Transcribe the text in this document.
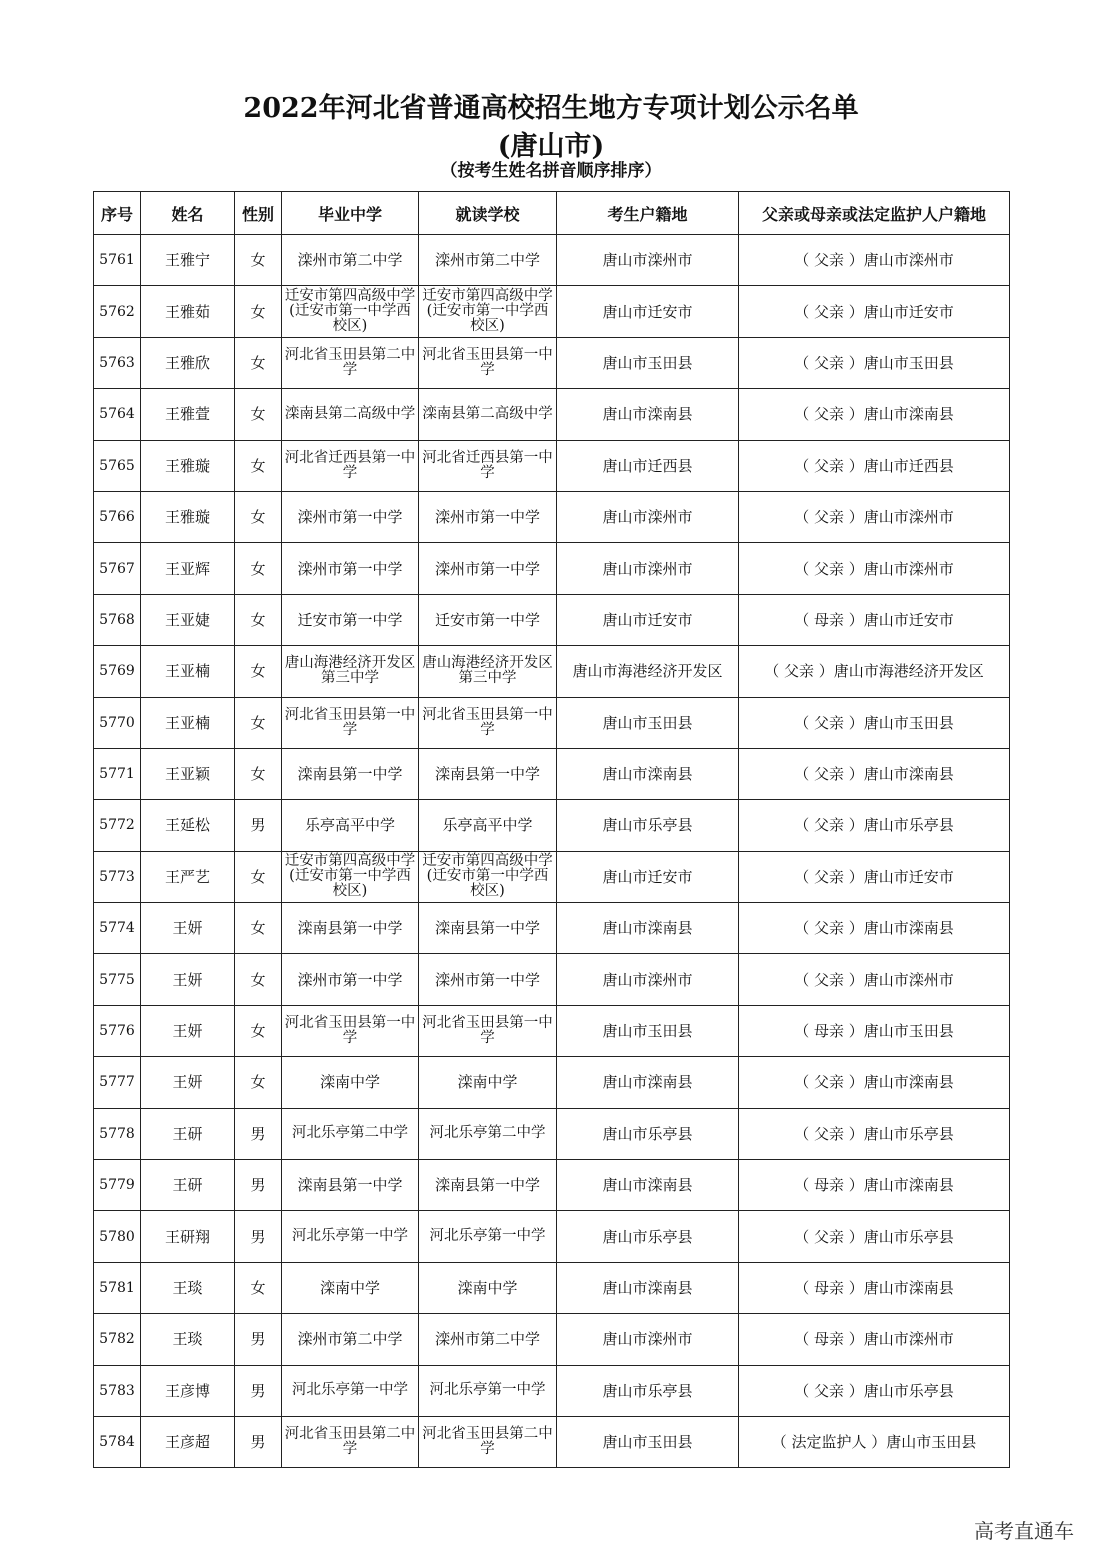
2022年河北省普通高校招生地方专项计划公示名单
(唐山市)
（按考生姓名拼音顺序排序）
序号	姓名	性别	毕业中学	就读学校	考生户籍地	父亲或母亲或法定监护人户籍地
5761	王雅宁	女	滦州市第二中学	滦州市第二中学	唐山市滦州市	（ 父亲 ）唐山市滦州市
5762	王雅茹	女	迁安市第四高级中学(迁安市第一中学西校区)	迁安市第四高级中学(迁安市第一中学西校区)	唐山市迁安市	（ 父亲 ）唐山市迁安市
5763	王雅欣	女	河北省玉田县第二中学	河北省玉田县第一中学	唐山市玉田县	（ 父亲 ）唐山市玉田县
5764	王雅萱	女	滦南县第二高级中学	滦南县第二高级中学	唐山市滦南县	（ 父亲 ）唐山市滦南县
5765	王雅璇	女	河北省迁西县第一中学	河北省迁西县第一中学	唐山市迁西县	（ 父亲 ）唐山市迁西县
5766	王雅璇	女	滦州市第一中学	滦州市第一中学	唐山市滦州市	（ 父亲 ）唐山市滦州市
5767	王亚辉	女	滦州市第一中学	滦州市第一中学	唐山市滦州市	（ 父亲 ）唐山市滦州市
5768	王亚婕	女	迁安市第一中学	迁安市第一中学	唐山市迁安市	（ 母亲 ）唐山市迁安市
5769	王亚楠	女	唐山海港经济开发区第三中学	唐山海港经济开发区第三中学	唐山市海港经济开发区	（ 父亲 ）唐山市海港经济开发区
5770	王亚楠	女	河北省玉田县第一中学	河北省玉田县第一中学	唐山市玉田县	（ 父亲 ）唐山市玉田县
5771	王亚颖	女	滦南县第一中学	滦南县第一中学	唐山市滦南县	（ 父亲 ）唐山市滦南县
5772	王延松	男	乐亭高平中学	乐亭高平中学	唐山市乐亭县	（ 父亲 ）唐山市乐亭县
5773	王严艺	女	迁安市第四高级中学(迁安市第一中学西校区)	迁安市第四高级中学(迁安市第一中学西校区)	唐山市迁安市	（ 父亲 ）唐山市迁安市
5774	王妍	女	滦南县第一中学	滦南县第一中学	唐山市滦南县	（ 父亲 ）唐山市滦南县
5775	王妍	女	滦州市第一中学	滦州市第一中学	唐山市滦州市	（ 父亲 ）唐山市滦州市
5776	王妍	女	河北省玉田县第一中学	河北省玉田县第一中学	唐山市玉田县	（ 母亲 ）唐山市玉田县
5777	王妍	女	滦南中学	滦南中学	唐山市滦南县	（ 父亲 ）唐山市滦南县
5778	王研	男	河北乐亭第二中学	河北乐亭第二中学	唐山市乐亭县	（ 父亲 ）唐山市乐亭县
5779	王研	男	滦南县第一中学	滦南县第一中学	唐山市滦南县	（ 母亲 ）唐山市滦南县
5780	王研翔	男	河北乐亭第一中学	河北乐亭第一中学	唐山市乐亭县	（ 父亲 ）唐山市乐亭县
5781	王琰	女	滦南中学	滦南中学	唐山市滦南县	（ 母亲 ）唐山市滦南县
5782	王琰	男	滦州市第二中学	滦州市第二中学	唐山市滦州市	（ 母亲 ）唐山市滦州市
5783	王彦博	男	河北乐亭第一中学	河北乐亭第一中学	唐山市乐亭县	（ 父亲 ）唐山市乐亭县
5784	王彦超	男	河北省玉田县第二中学	河北省玉田县第二中学	唐山市玉田县	（ 法定监护人 ）唐山市玉田县
高考直通车
